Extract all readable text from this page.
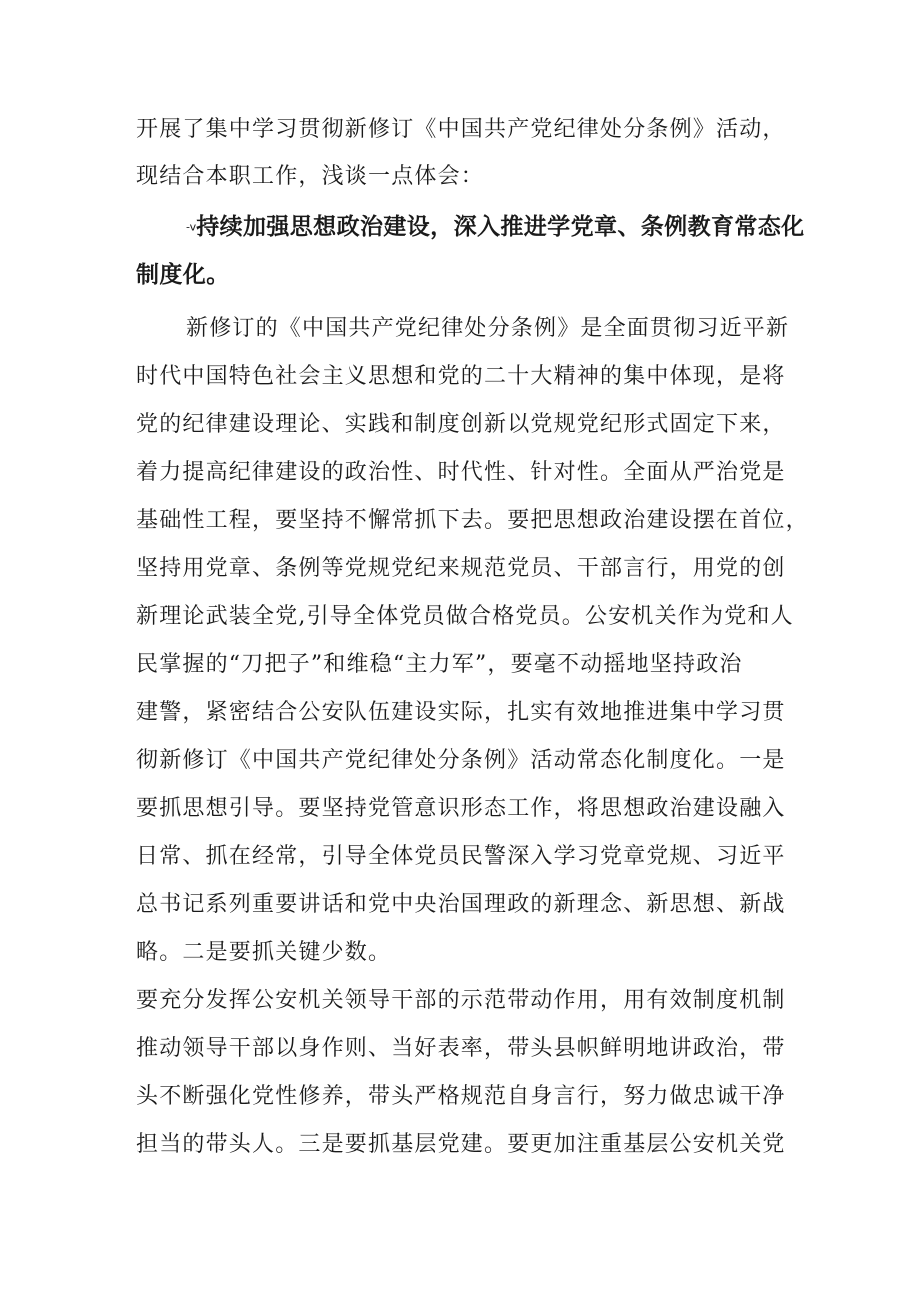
开展了集中学习贯彻新修订《中国共产党纪律处分条例》活动，
现结合本职工作，浅谈一点体会：
-v持续加强思想政治建设，深入推进学党章、条例教育常态化
制度化。
新修订的《中国共产党纪律处分条例》是全面贯彻习近平新
时代中国特色社会主义思想和党的二十大精神的集中体现，是将
党的纪律建设理论、实践和制度创新以党规党纪形式固定下来，
着力提高纪律建设的政治性、时代性、针对性。全面从严治党是
基础性工程，要坚持不懈常抓下去。要把思想政治建设摆在首位，
坚持用党章、条例等党规党纪来规范党员、干部言行，用党的创
新理论武装全党,引导全体党员做合格党员。公安机关作为党和人
民掌握的“刀把子”和维稳“主力军”，要毫不动摇地坚持政治
建警，紧密结合公安队伍建设实际，扎实有效地推进集中学习贯
彻新修订《中国共产党纪律处分条例》活动常态化制度化。一是
要抓思想引导。要坚持党管意识形态工作，将思想政治建设融入
日常、抓在经常，引导全体党员民警深入学习党章党规、习近平
总书记系列重要讲话和党中央治国理政的新理念、新思想、新战
略。二是要抓关键少数。
要充分发挥公安机关领导干部的示范带动作用，用有效制度机制
推动领导干部以身作则、当好表率，带头县帜鲜明地讲政治，带
头不断强化党性修养，带头严格规范自身言行，努力做忠诚干净
担当的带头人。三是要抓基层党建。要更加注重基层公安机关党
